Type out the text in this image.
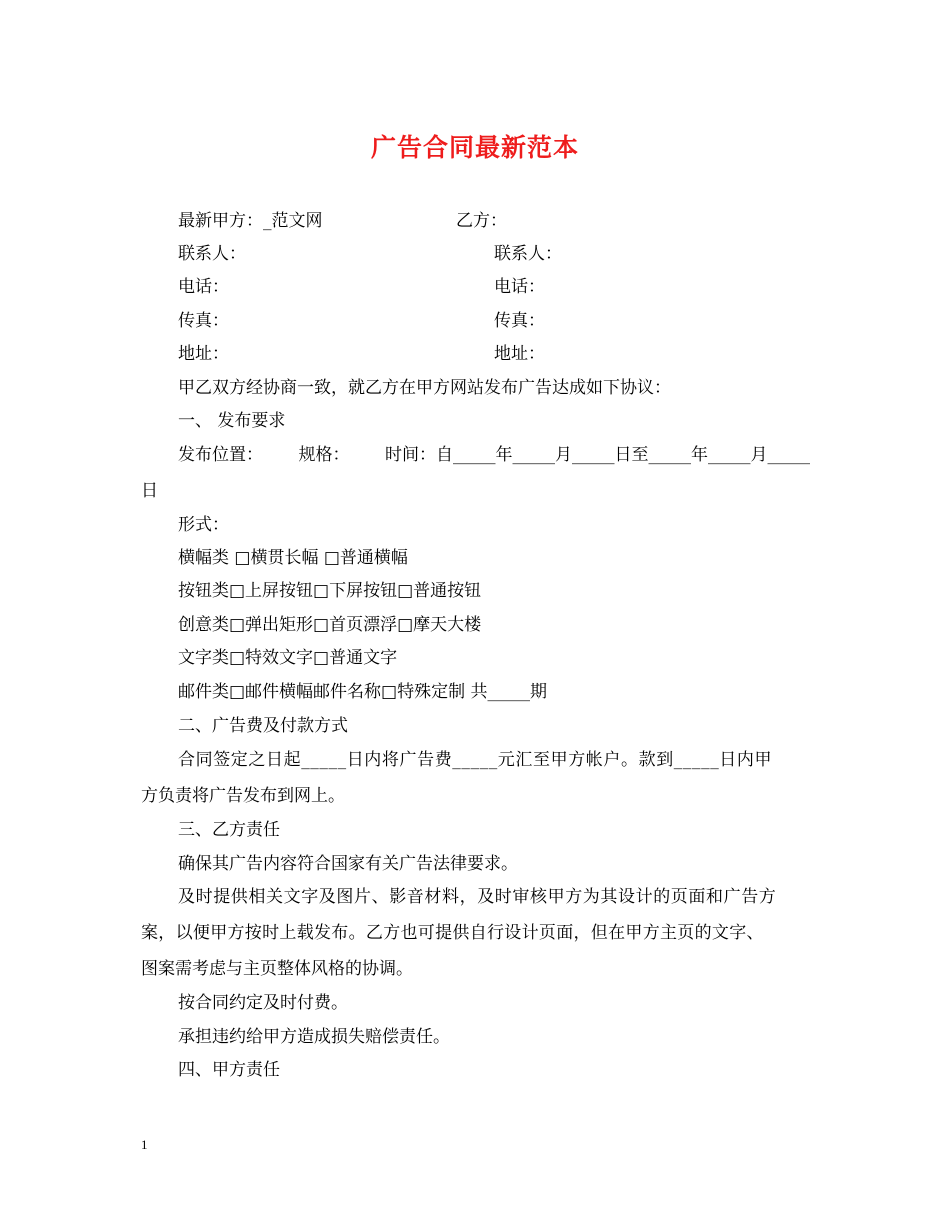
广告合同最新范本
最新甲方：_范文网	乙方：
联系人：	联系人：
电话：	电话：
传真：	传真：
地址：	地址：
甲乙双方经协商一致，就乙方在甲方网站发布广告达成如下协议：
一、 发布要求
发布位置： 规格： 时间：自_____年_____月_____日至_____年_____月_____
日
形式：
横幅类 □横贯长幅 □普通横幅
按钮类□上屏按钮□下屏按钮□普通按钮
创意类□弹出矩形□首页漂浮□摩天大楼
文字类□特效文字□普通文字
邮件类□邮件横幅邮件名称□特殊定制 共_____期
二、广告费及付款方式
合同签定之日起_____日内将广告费_____元汇至甲方帐户。款到_____日内甲
方负责将广告发布到网上。
三、乙方责任
确保其广告内容符合国家有关广告法律要求。
及时提供相关文字及图片、影音材料，及时审核甲方为其设计的页面和广告方
案，以便甲方按时上载发布。乙方也可提供自行设计页面，但在甲方主页的文字、
图案需考虑与主页整体风格的协调。
按合同约定及时付费。
承担违约给甲方造成损失赔偿责任。
四、甲方责任
1
